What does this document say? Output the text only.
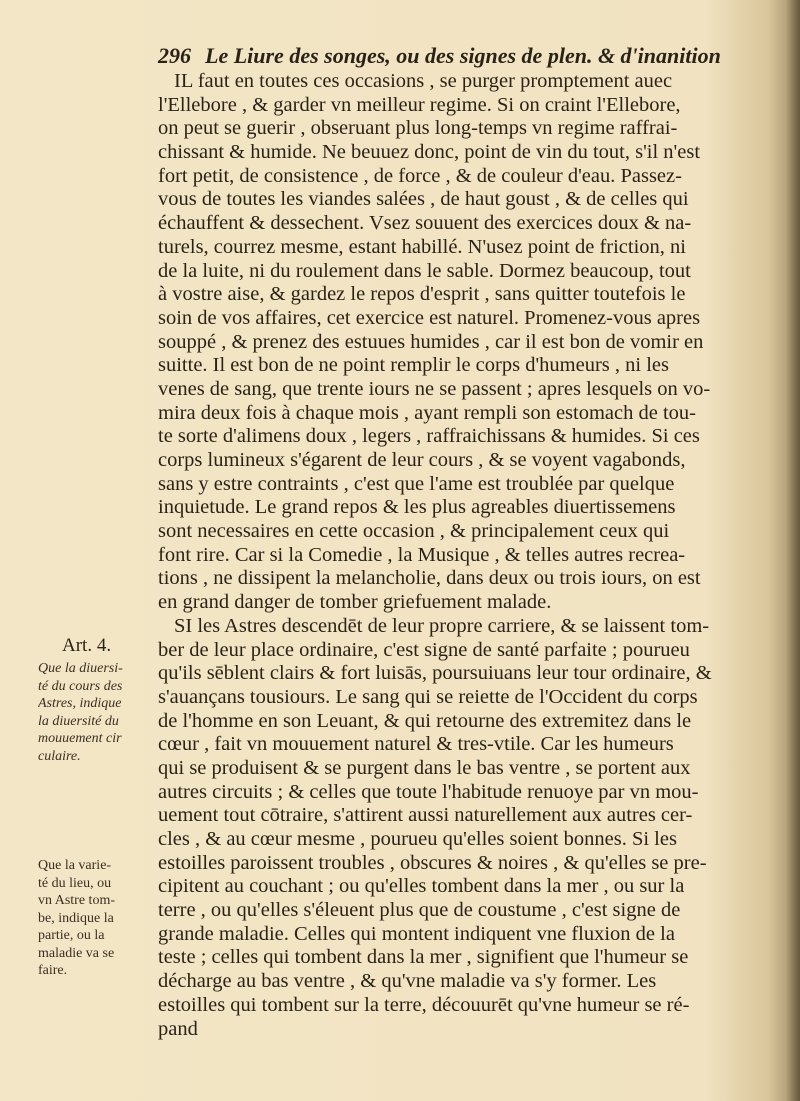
296 Le Liure des songes, ou des signes de plen. & d'inanition
IL faut en toutes ces occasions , se purger promptement auec
l'Ellebore , & garder vn meilleur regime. Si on craint l'Ellebore,
on peut se guerir , obseruant plus long-temps vn regime raffrai-
chissant & humide. Ne beuuez donc, point de vin du tout, s'il n'est
fort petit, de consistence , de force , & de couleur d'eau. Passez-
vous de toutes les viandes salées , de haut goust , & de celles qui
échauffent & dessechent. Vsez souuent des exercices doux & na-
turels, courrez mesme, estant habillé. N'usez point de friction, ni
de la luite, ni du roulement dans le sable. Dormez beaucoup, tout
à vostre aise, & gardez le repos d'esprit , sans quitter toutefois le
soin de vos affaires, cet exercice est naturel. Promenez-vous apres
souppé , & prenez des estuues humides , car il est bon de vomir en
suitte. Il est bon de ne point remplir le corps d'humeurs , ni les
venes de sang, que trente iours ne se passent ; apres lesquels on vo-
mira deux fois à chaque mois , ayant rempli son estomach de tou-
te sorte d'alimens doux , legers , raffraichissans & humides. Si ces
corps lumineux s'égarent de leur cours , & se voyent vagabonds,
sans y estre contraints , c'est que l'ame est troublée par quelque
inquietude. Le grand repos & les plus agreables diuertissemens
sont necessaires en cette occasion , & principalement ceux qui
font rire. Car si la Comedie , la Musique , & telles autres recrea-
tions , ne dissipent la melancholie, dans deux ou trois iours, on est
en grand danger de tomber griefuement malade.
SI les Astres descendēt de leur propre carriere, & se laissent tom-
ber de leur place ordinaire, c'est signe de santé parfaite ; pourueu
qu'ils sēblent clairs & fort luisās, poursuiuans leur tour ordinaire, &
s'auançans tousiours. Le sang qui se reiette de l'Occident du corps
de l'homme en son Leuant, & qui retourne des extremitez dans le
cœur , fait vn mouuement naturel & tres-vtile. Car les humeurs
qui se produisent & se purgent dans le bas ventre , se portent aux
autres circuits ; & celles que toute l'habitude renuoye par vn mou-
uement tout cōtraire, s'attirent aussi naturellement aux autres cer-
cles , & au cœur mesme , pourueu qu'elles soient bonnes. Si les
estoilles paroissent troubles , obscures & noires , & qu'elles se pre-
cipitent au couchant ; ou qu'elles tombent dans la mer , ou sur la
terre , ou qu'elles s'éleuent plus que de coustume , c'est signe de
grande maladie. Celles qui montent indiquent vne fluxion de la
teste ; celles qui tombent dans la mer , signifient que l'humeur se
décharge au bas ventre , & qu'vne maladie va s'y former. Les
estoilles qui tombent sur la terre, découurēt qu'vne humeur se ré-
pand
Art. 4.
Que la diuersi-
té du cours des
Astres, indique
la diuersité du
mouuement cir
culaire.
Que la varie-
té du lieu, ou
vn Astre tom-
be, indique la
partie, ou la
maladie va se
faire.
